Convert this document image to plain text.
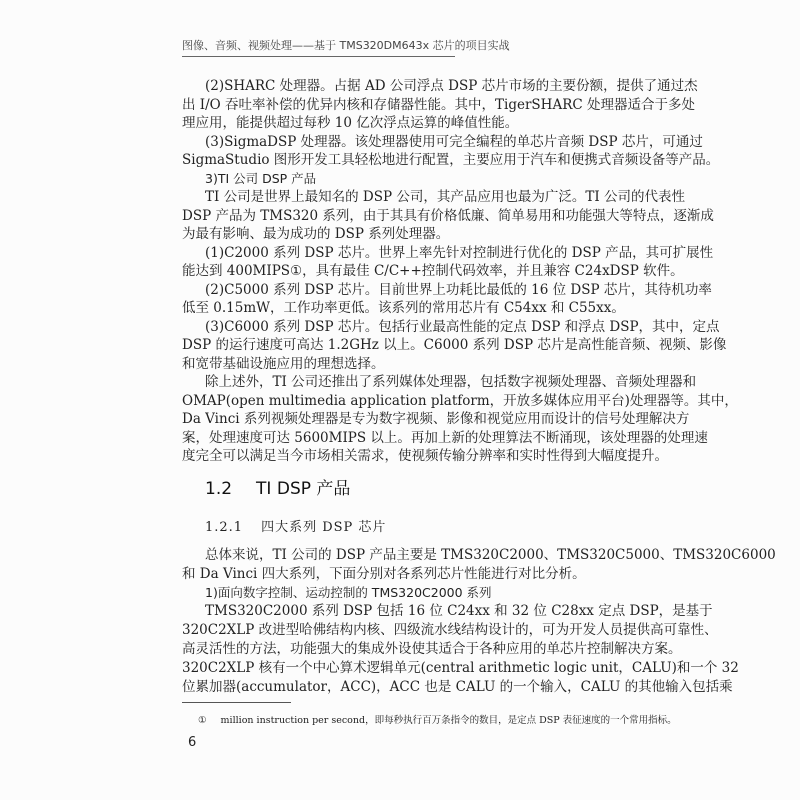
图像、音频、视频处理——基于 TMS320DM643x 芯片的项目实战
(2)SHARC 处理器。占据 AD 公司浮点 DSP 芯片市场的主要份额，提供了通过杰
出 I/O 吞吐率补偿的优异内核和存储器性能。其中，TigerSHARC 处理器适合于多处
理应用，能提供超过每秒 10 亿次浮点运算的峰值性能。
(3)SigmaDSP 处理器。该处理器使用可完全编程的单芯片音频 DSP 芯片，可通过
SigmaStudio 图形开发工具轻松地进行配置，主要应用于汽车和便携式音频设备等产品。
3)TI 公司 DSP 产品
TI 公司是世界上最知名的 DSP 公司，其产品应用也最为广泛。TI 公司的代表性
DSP 产品为 TMS320 系列，由于其具有价格低廉、简单易用和功能强大等特点，逐渐成
为最有影响、最为成功的 DSP 系列处理器。
(1)C2000 系列 DSP 芯片。世界上率先针对控制进行优化的 DSP 产品，其可扩展性
能达到 400MIPS①，具有最佳 C/C++控制代码效率，并且兼容 C24xDSP 软件。
(2)C5000 系列 DSP 芯片。目前世界上功耗比最低的 16 位 DSP 芯片，其待机功率
低至 0.15mW，工作功率更低。该系列的常用芯片有 C54xx 和 C55xx。
(3)C6000 系列 DSP 芯片。包括行业最高性能的定点 DSP 和浮点 DSP，其中，定点
DSP 的运行速度可高达 1.2GHz 以上。C6000 系列 DSP 芯片是高性能音频、视频、影像
和宽带基础设施应用的理想选择。
除上述外，TI 公司还推出了系列媒体处理器，包括数字视频处理器、音频处理器和
OMAP(open multimedia application platform，开放多媒体应用平台)处理器等。其中，
Da Vinci 系列视频处理器是专为数字视频、影像和视觉应用而设计的信号处理解决方
案，处理速度可达 5600MIPS 以上。再加上新的处理算法不断涌现，该处理器的处理速
度完全可以满足当今市场相关需求，使视频传输分辨率和实时性得到大幅度提升。
1.2 TI DSP 产品
1.2.1 四大系列 DSP 芯片
总体来说，TI 公司的 DSP 产品主要是 TMS320C2000、TMS320C5000、TMS320C6000
和 Da Vinci 四大系列，下面分别对各系列芯片性能进行对比分析。
1)面向数字控制、运动控制的 TMS320C2000 系列
TMS320C2000 系列 DSP 包括 16 位 C24xx 和 32 位 C28xx 定点 DSP，是基于
320C2XLP 改进型哈佛结构内核、四级流水线结构设计的，可为开发人员提供高可靠性、
高灵活性的方法，功能强大的集成外设使其适合于各种应用的单芯片控制解决方案。
320C2XLP 核有一个中心算术逻辑单元(central arithmetic logic unit，CALU)和一个 32
位累加器(accumulator，ACC)，ACC 也是 CALU 的一个输入，CALU 的其他输入包括乘
① million instruction per second，即每秒执行百万条指令的数目，是定点 DSP 表征速度的一个常用指标。
6
